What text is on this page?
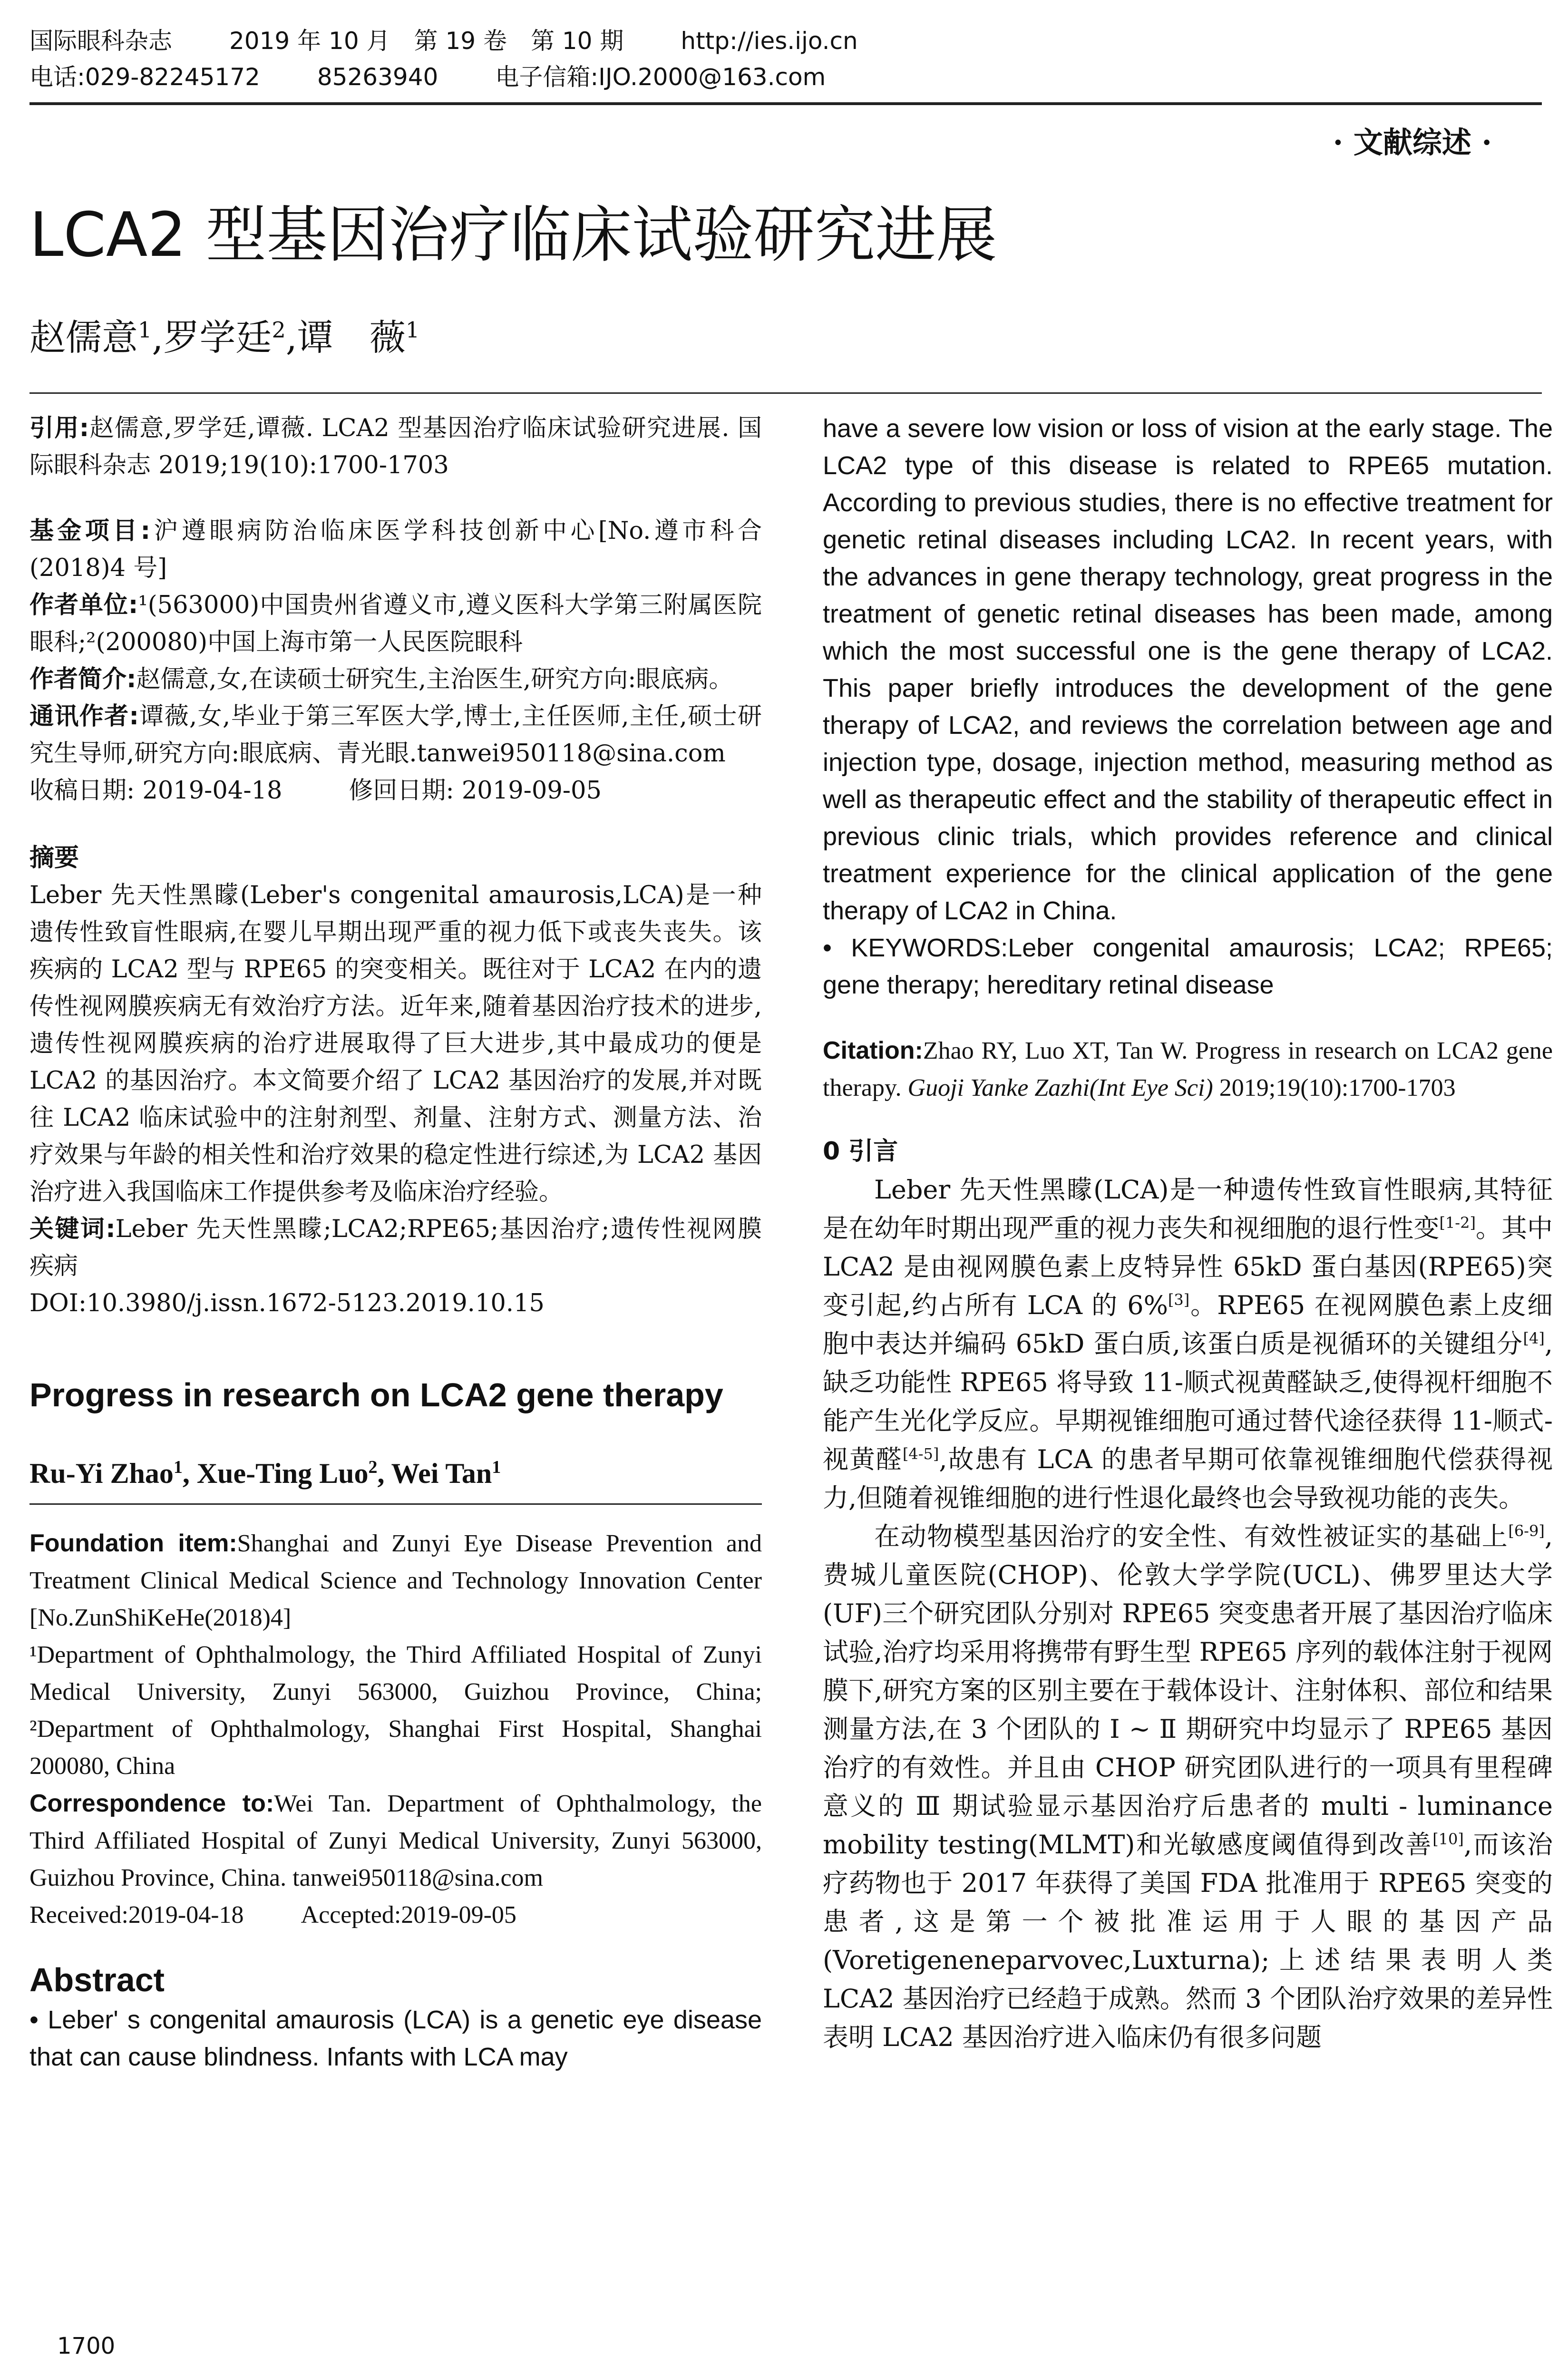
国际眼科杂志 2019 年 10 月　第 19 卷　第 10 期 http://ies.ijo.cn
电话:029-82245172 85263940 电子信箱:IJO.2000@163.com
· 文献综述 ·
LCA2 型基因治疗临床试验研究进展
赵儒意$^1$,罗学廷$^2$,谭　薇$^1$

引用:赵儒意,罗学廷,谭薇. LCA2 型基因治疗临床试验研究进展. 国际眼科杂志 2019;19(10):1700-1703

基金项目:沪遵眼病防治临床医学科技创新中心[No.遵市科合(2018)4 号]

作者单位:¹(563000)中国贵州省遵义市,遵义医科大学第三附属医院眼科;²(200080)中国上海市第一人民医院眼科

作者简介:赵儒意,女,在读硕士研究生,主治医生,研究方向:眼底病。

通讯作者:谭薇,女,毕业于第三军医大学,博士,主任医师,主任,硕士研究生导师,研究方向:眼底病、青光眼.tanwei950118@sina.com

收稿日期: 2019-04-18	修回日期: 2019-09-05

摘要

Leber 先天性黑矇(Leber's congenital amaurosis,LCA)是一种遗传性致盲性眼病,在婴儿早期出现严重的视力低下或丧失丧失。该疾病的 LCA2 型与 RPE65 的突变相关。既往对于 LCA2 在内的遗传性视网膜疾病无有效治疗方法。近年来,随着基因治疗技术的进步,遗传性视网膜疾病的治疗进展取得了巨大进步,其中最成功的便是 LCA2 的基因治疗。本文简要介绍了 LCA2 基因治疗的发展,并对既往 LCA2 临床试验中的注射剂型、剂量、注射方式、测量方法、治疗效果与年龄的相关性和治疗效果的稳定性进行综述,为 LCA2 基因治疗进入我国临床工作提供参考及临床治疗经验。

关键词:Leber 先天性黑矇;LCA2;RPE65;基因治疗;遗传性视网膜疾病

DOI:10.3980/j.issn.1672-5123.2019.10.15

Progress in research on LCA2 gene therapy
Ru-Yi Zhao$^1$, Xue-Ting Luo$^2$, Wei Tan$^1$

Foundation item:Shanghai and Zunyi Eye Disease Prevention and Treatment Clinical Medical Science and Technology Innovation Center [No.ZunShiKeHe(2018)4]

¹Department of Ophthalmology, the Third Affiliated Hospital of Zunyi Medical University, Zunyi 563000, Guizhou Province, China; ²Department of Ophthalmology, Shanghai First Hospital, Shanghai 200080, China

Correspondence to:Wei Tan. Department of Ophthalmology, the Third Affiliated Hospital of Zunyi Medical University, Zunyi 563000, Guizhou Province, China. tanwei950118@sina.com

Received:2019-04-18 Accepted:2019-09-05

Abstract
• Leber' s congenital amaurosis (LCA) is a genetic eye disease that can cause blindness. Infants with LCA may
have a severe low vision or loss of vision at the early stage. The LCA2 type of this disease is related to RPE65 mutation. According to previous studies, there is no effective treatment for genetic retinal diseases including LCA2. In recent years, with the advances in gene therapy technology, great progress in the treatment of genetic retinal diseases has been made, among which the most successful one is the gene therapy of LCA2. This paper briefly introduces the development of the gene therapy of LCA2, and reviews the correlation between age and injection type, dosage, injection method, measuring method as well as therapeutic effect and the stability of therapeutic effect in previous clinic trials, which provides reference and clinical treatment experience for the clinical application of the gene therapy of LCA2 in China.
• KEYWORDS:Leber congenital amaurosis; LCA2; RPE65; gene therapy; hereditary retinal disease
Citation:Zhao RY, Luo XT, Tan W. Progress in research on LCA2 gene therapy. Guoji Yanke Zazhi(Int Eye Sci) 2019;19(10):1700-1703
0 引言

Leber 先天性黑矇(LCA)是一种遗传性致盲性眼病,其特征是在幼年时期出现严重的视力丧失和视细胞的退行性变[1-2]。其中 LCA2 是由视网膜色素上皮特异性 65kD 蛋白基因(RPE65)突变引起,约占所有 LCA 的 6%[3]。RPE65 在视网膜色素上皮细胞中表达并编码 65kD 蛋白质,该蛋白质是视循环的关键组分[4],缺乏功能性 RPE65 将导致 11-顺式视黄醛缺乏,使得视杆细胞不能产生光化学反应。早期视锥细胞可通过替代途径获得 11-顺式-视黄醛[4-5],故患有 LCA 的患者早期可依靠视锥细胞代偿获得视力,但随着视锥细胞的进行性退化最终也会导致视功能的丧失。

在动物模型基因治疗的安全性、有效性被证实的基础上[6-9],费城儿童医院(CHOP)、伦敦大学学院(UCL)、佛罗里达大学(UF)三个研究团队分别对 RPE65 突变患者开展了基因治疗临床试验,治疗均采用将携带有野生型 RPE65 序列的载体注射于视网膜下,研究方案的区别主要在于载体设计、注射体积、部位和结果测量方法,在 3 个团队的 Ⅰ ~ Ⅱ 期研究中均显示了 RPE65 基因治疗的有效性。并且由 CHOP 研究团队进行的一项具有里程碑意义的 Ⅲ 期试验显示基因治疗后患者的 multi - luminance mobility testing(MLMT)和光敏感度阈值得到改善[10],而该治疗药物也于 2017 年获得了美国 FDA 批准用于 RPE65 突变的患者,这是第一个被批准运用于人眼的基因产品(Voretigeneneparvovec,Luxturna);上述结果表明人类 LCA2 基因治疗已经趋于成熟。然而 3 个团队治疗效果的差异性表明 LCA2 基因治疗进入临床仍有很多问题

1700
